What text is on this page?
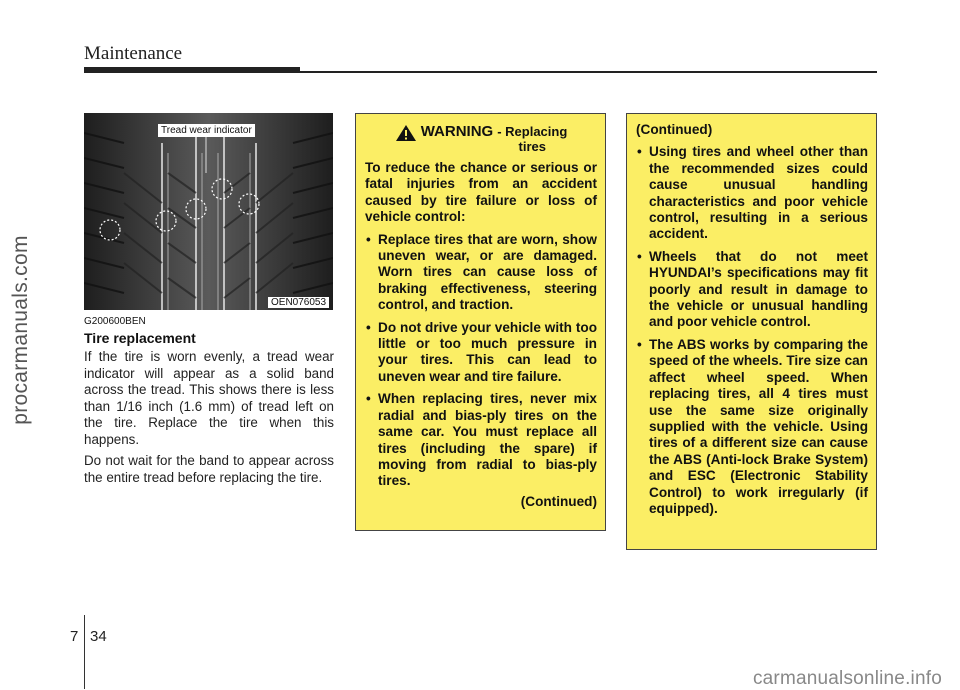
Maintenance
procarmanuals.com
Tread wear indicator
OEN076053
G200600BEN
Tire replacement

If the tire is worn evenly, a tread wear indicator will appear as a solid band across the tread. This shows there is less than 1/16 inch (1.6 mm) of tread left on the tire. Replace the tire when this happens.

Do not wait for the band to appear across the entire tread before replacing the tire.

WARNING - Replacing
tires
To reduce the chance or serious or fatal injuries from an accident caused by tire failure or loss of vehicle control:
• Replace tires that are worn, show uneven wear, or are damaged. Worn tires can cause loss of braking effectiveness, steering control, and traction.
• Do not drive your vehicle with too little or too much pressure in your tires. This can lead to uneven wear and tire failure.
• When replacing tires, never mix radial and bias-ply tires on the same car. You must replace all tires (including the spare) if moving from radial to bias-ply tires.
(Continued)
(Continued)
• Using tires and wheel other than the recommended sizes could cause unusual handling characteristics and poor vehicle control, resulting in a serious accident.
• Wheels that do not meet HYUNDAI’s specifications may fit poorly and result in damage to the vehicle or unusual handling and poor vehicle control.
• The ABS works by comparing the speed of the wheels. Tire size can affect wheel speed. When replacing tires, all 4 tires must use the same size originally supplied with the vehicle. Using tires of a different size can cause the ABS (Anti-lock Brake System) and ESC (Electronic Stability Control) to work irregularly (if equipped).
7 34
carmanualsonline.info
